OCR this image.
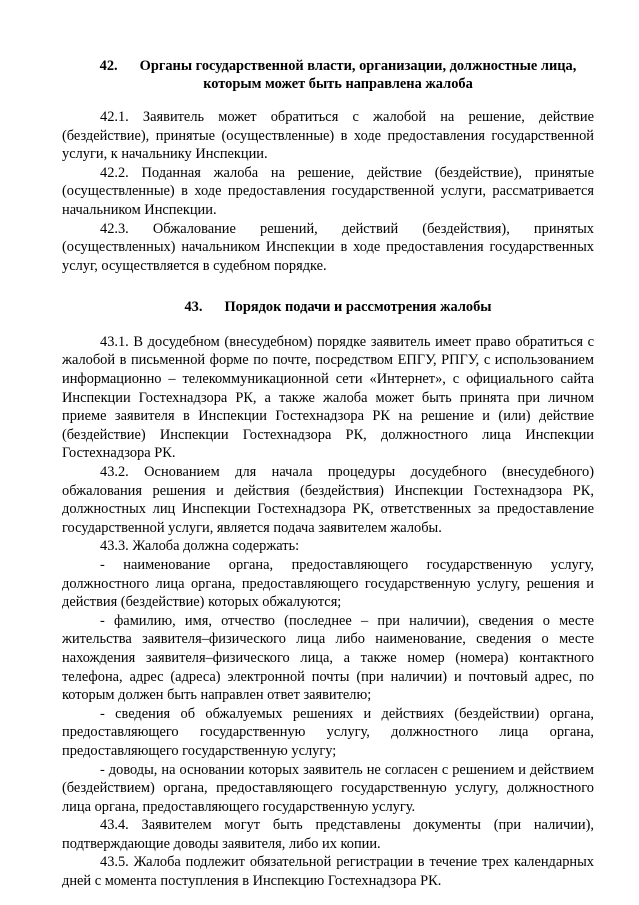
42. Органы государственной власти, организации, должностные лица, которым может быть направлена жалоба

42.1. Заявитель может обратиться с жалобой на решение, действие (бездействие), принятые (осуществленные) в ходе предоставления государственной услуги, к начальнику Инспекции.

42.2. Поданная жалоба на решение, действие (бездействие), принятые (осуществленные) в ходе предоставления государственной услуги, рассматривается начальником Инспекции.

42.3. Обжалование решений, действий (бездействия), принятых (осуществленных) начальником Инспекции в ходе предоставления государственных услуг, осуществляется в судебном порядке.

43. Порядок подачи и рассмотрения жалобы

43.1. В досудебном (внесудебном) порядке заявитель имеет право обратиться с жалобой в письменной форме по почте, посредством ЕПГУ, РПГУ, с использованием информационно – телекоммуникационной сети «Интернет», с официального сайта Инспекции Гостехнадзора РК, а также жалоба может быть принята при личном приеме заявителя в Инспекции Гостехнадзора РК на решение и (или) действие (бездействие) Инспекции Гостехнадзора РК, должностного лица Инспекции Гостехнадзора РК.

43.2. Основанием для начала процедуры досудебного (внесудебного) обжалования решения и действия (бездействия) Инспекции Гостехнадзора РК, должностных лиц Инспекции Гостехнадзора РК, ответственных за предоставление государственной услуги, является подача заявителем жалобы.

43.3. Жалоба должна содержать:

- наименование органа, предоставляющего государственную услугу, должностного лица органа, предоставляющего государственную услугу, решения и действия (бездействие) которых обжалуются;

- фамилию, имя, отчество (последнее – при наличии), сведения о месте жительства заявителя–физического лица либо наименование, сведения о месте нахождения заявителя–физического лица, а также номер (номера) контактного телефона, адрес (адреса) электронной почты (при наличии) и почтовый адрес, по которым должен быть направлен ответ заявителю;

- сведения об обжалуемых решениях и действиях (бездействии) органа, предоставляющего государственную услугу, должностного лица органа, предоставляющего государственную услугу;

- доводы, на основании которых заявитель не согласен с решением и действием (бездействием) органа, предоставляющего государственную услугу, должностного лица органа, предоставляющего государственную услугу.

43.4. Заявителем могут быть представлены документы (при наличии), подтверждающие доводы заявителя, либо их копии.

43.5. Жалоба подлежит обязательной регистрации в течение трех календарных дней с момента поступления в Инспекцию Гостехнадзора РК.
